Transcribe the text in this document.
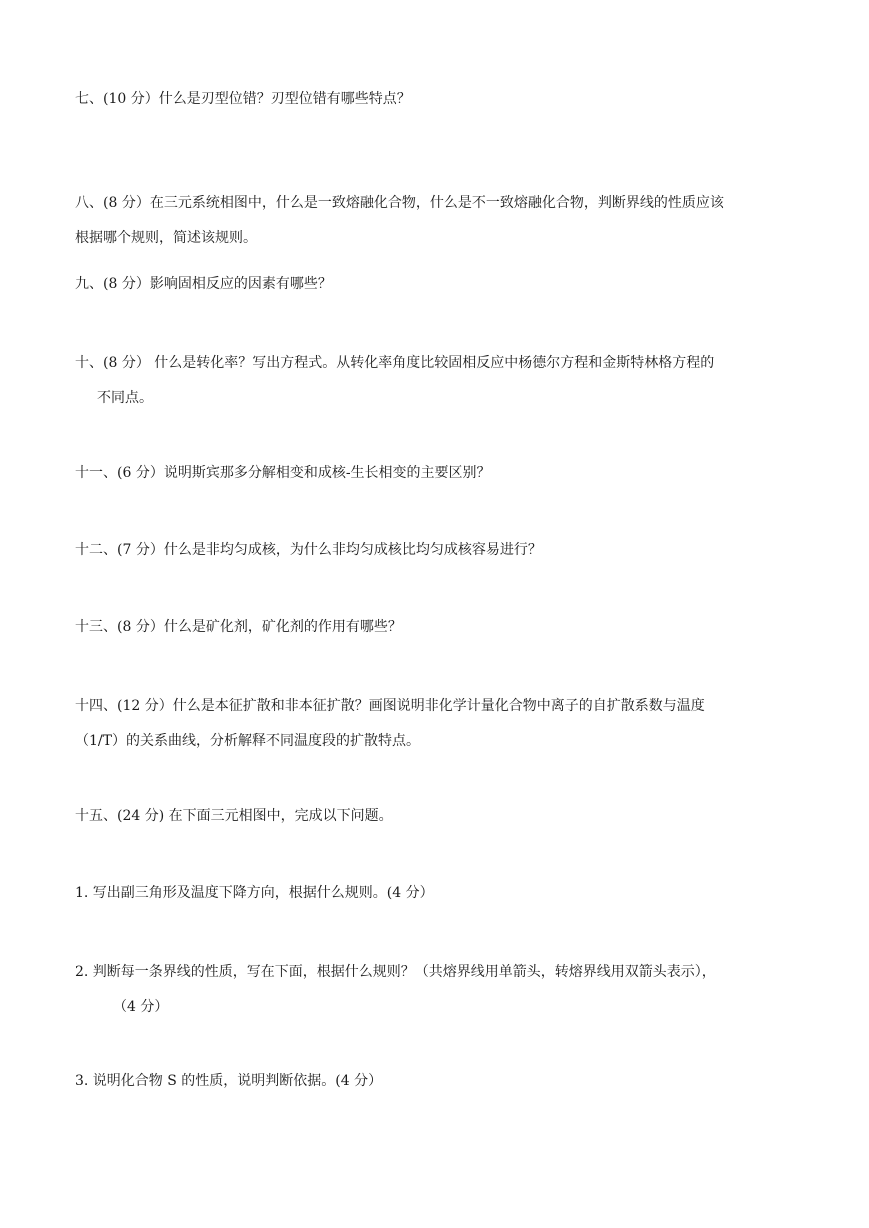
七、(10 分）什么是刃型位错？刃型位错有哪些特点？

八、(8 分）在三元系统相图中，什么是一致熔融化合物，什么是不一致熔融化合物，判断界线的性质应该
根据哪个规则，简述该规则。

九、(8 分）影响固相反应的因素有哪些？

十、(8 分） 什么是转化率？写出方程式。从转化率角度比较固相反应中杨德尔方程和金斯特林格方程的
不同点。

十一、(6 分）说明斯宾那多分解相变和成核-生长相变的主要区别？

十二、(7 分）什么是非均匀成核，为什么非均匀成核比均匀成核容易进行？

十三、(8 分）什么是矿化剂，矿化剂的作用有哪些？

十四、(12 分）什么是本征扩散和非本征扩散？画图说明非化学计量化合物中离子的自扩散系数与温度
（1/T）的关系曲线，分析解释不同温度段的扩散特点。

十五、(24 分) 在下面三元相图中，完成以下问题。

1. 写出副三角形及温度下降方向，根据什么规则。(4 分）

2. 判断每一条界线的性质，写在下面，根据什么规则？（共熔界线用单箭头，转熔界线用双箭头表示），
（4 分）

3. 说明化合物 S 的性质，说明判断依据。(4 分）
